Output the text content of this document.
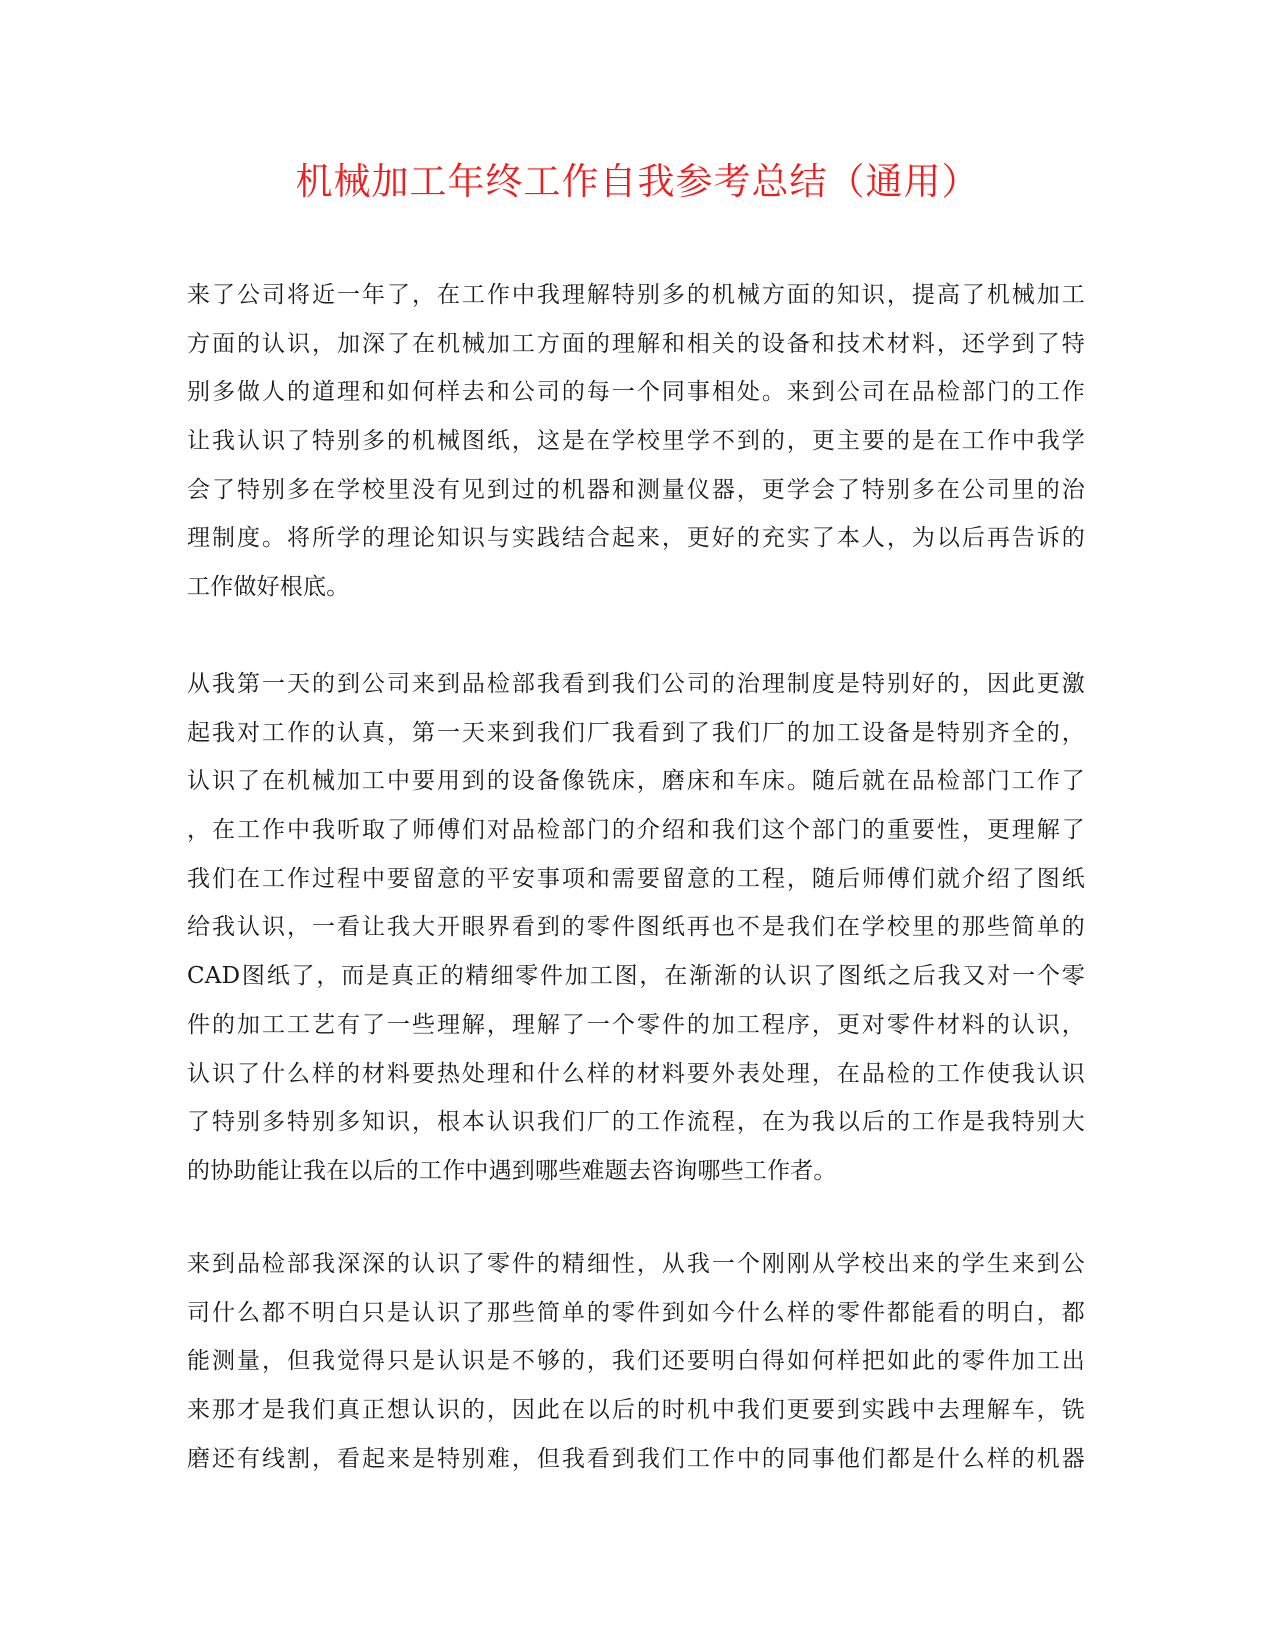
机械加工年终工作自我参考总结（通用）
来了公司将近一年了，在工作中我理解特别多的机械方面的知识，提高了机械加工
方面的认识，加深了在机械加工方面的理解和相关的设备和技术材料，还学到了特
别多做人的道理和如何样去和公司的每一个同事相处。来到公司在品检部门的工作
让我认识了特别多的机械图纸，这是在学校里学不到的，更主要的是在工作中我学
会了特别多在学校里没有见到过的机器和测量仪器，更学会了特别多在公司里的治
理制度。将所学的理论知识与实践结合起来，更好的充实了本人，为以后再告诉的
工作做好根底。
从我第一天的到公司来到品检部我看到我们公司的治理制度是特别好的，因此更激
起我对工作的认真，第一天来到我们厂我看到了我们厂的加工设备是特别齐全的，
认识了在机械加工中要用到的设备像铣床，磨床和车床。随后就在品检部门工作了
，在工作中我听取了师傅们对品检部门的介绍和我们这个部门的重要性，更理解了
我们在工作过程中要留意的平安事项和需要留意的工程，随后师傅们就介绍了图纸
给我认识，一看让我大开眼界看到的零件图纸再也不是我们在学校里的那些简单的
CAD图纸了，而是真正的精细零件加工图，在渐渐的认识了图纸之后我又对一个零
件的加工工艺有了一些理解，理解了一个零件的加工程序，更对零件材料的认识，
认识了什么样的材料要热处理和什么样的材料要外表处理，在品检的工作使我认识
了特别多特别多知识，根本认识我们厂的工作流程，在为我以后的工作是我特别大
的协助能让我在以后的工作中遇到哪些难题去咨询哪些工作者。
来到品检部我深深的认识了零件的精细性，从我一个刚刚从学校出来的学生来到公
司什么都不明白只是认识了那些简单的零件到如今什么样的零件都能看的明白，都
能测量，但我觉得只是认识是不够的，我们还要明白得如何样把如此的零件加工出
来那才是我们真正想认识的，因此在以后的时机中我们更要到实践中去理解车，铣
磨还有线割，看起来是特别难，但我看到我们工作中的同事他们都是什么样的机器
